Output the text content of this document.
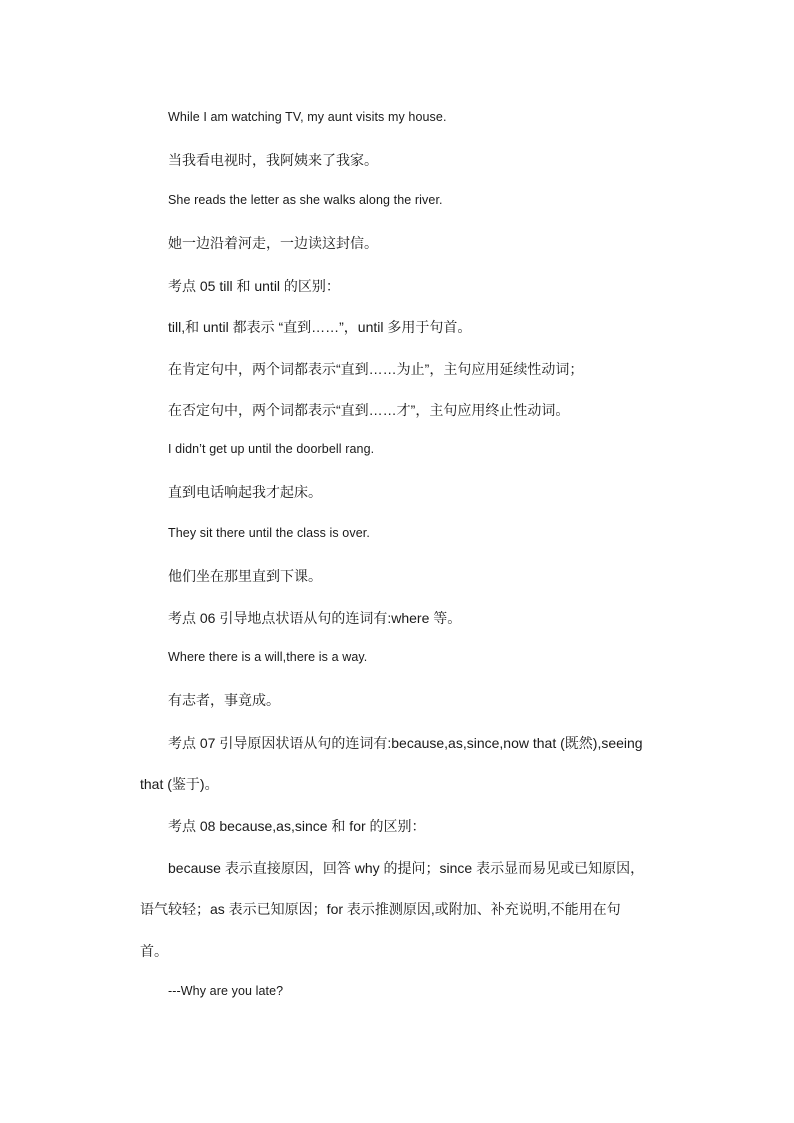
While I am watching TV, my aunt visits my house.

当我看电视时，我阿姨来了我家。

She reads the letter as she walks along the river.

她一边沿着河走，一边读这封信。

考点 05 till 和 until 的区别：

till,和 until 都表示 “直到……”，until 多用于句首。

在肯定句中，两个词都表示“直到……为止”，主句应用延续性动词；

在否定句中，两个词都表示“直到……才”，主句应用终止性动词。

I didn’t get up until the doorbell rang.

直到电话响起我才起床。

They sit there until the class is over.

他们坐在那里直到下课。

考点 06 引导地点状语从句的连词有:where 等。

Where there is a will,there is a way.

有志者，事竟成。

考点 07 引导原因状语从句的连词有:because,as,since,now that (既然),seeing

that (鉴于)。

考点 08 because,as,since 和 for 的区别：

because 表示直接原因，回答 why 的提问；since 表示显而易见或已知原因，

语气较轻；as 表示已知原因；for 表示推测原因,或附加、补充说明,不能用在句

首。

---Why are you late?
